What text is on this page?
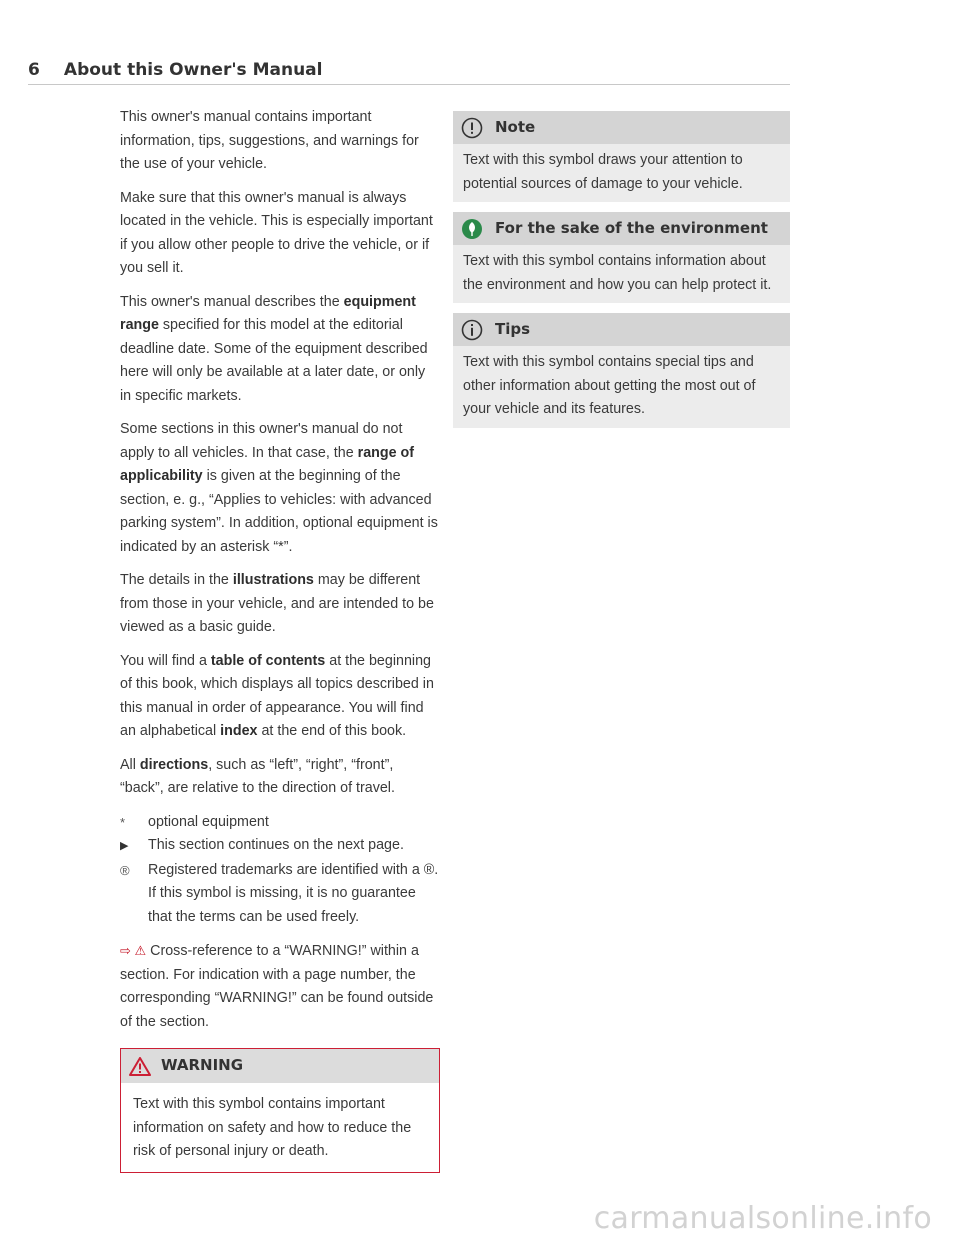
6 About this Owner's Manual

This owner's manual contains important information, tips, suggestions, and warnings for the use of your vehicle.

Make sure that this owner's manual is always located in the vehicle. This is especially important if you allow other people to drive the vehicle, or if you sell it.

This owner's manual describes the equipment range specified for this model at the editorial deadline date. Some of the equipment described here will only be available at a later date, or only in specific markets.

Some sections in this owner's manual do not apply to all vehicles. In that case, the range of applicability is given at the beginning of the section, e. g., “Applies to vehicles: with advanced parking system”. In addition, optional equipment is indicated by an asterisk “*”.

The details in the illustrations may be different from those in your vehicle, and are intended to be viewed as a basic guide.

You will find a table of contents at the beginning of this book, which displays all topics described in this manual in order of appearance. You will find an alphabetical index at the end of this book.

All directions, such as “left”, “right”, “front”, “back”, are relative to the direction of travel.

*	optional equipment
▶	This section continues on the next page.
®	Registered trademarks are identified with a ®. If this symbol is missing, it is no guarantee that the terms can be used freely.

⇨ ⚠ Cross-reference to a “WARNING!” within a section. For indication with a page number, the corresponding “WARNING!” can be found outside of the section.

WARNING
Text with this symbol contains important information on safety and how to reduce the risk of personal injury or death.
Note
Text with this symbol draws your attention to potential sources of damage to your vehicle.
For the sake of the environment
Text with this symbol contains information about the environment and how you can help protect it.
Tips
Text with this symbol contains special tips and other information about getting the most out of your vehicle and its features.
carmanualsonline.info
